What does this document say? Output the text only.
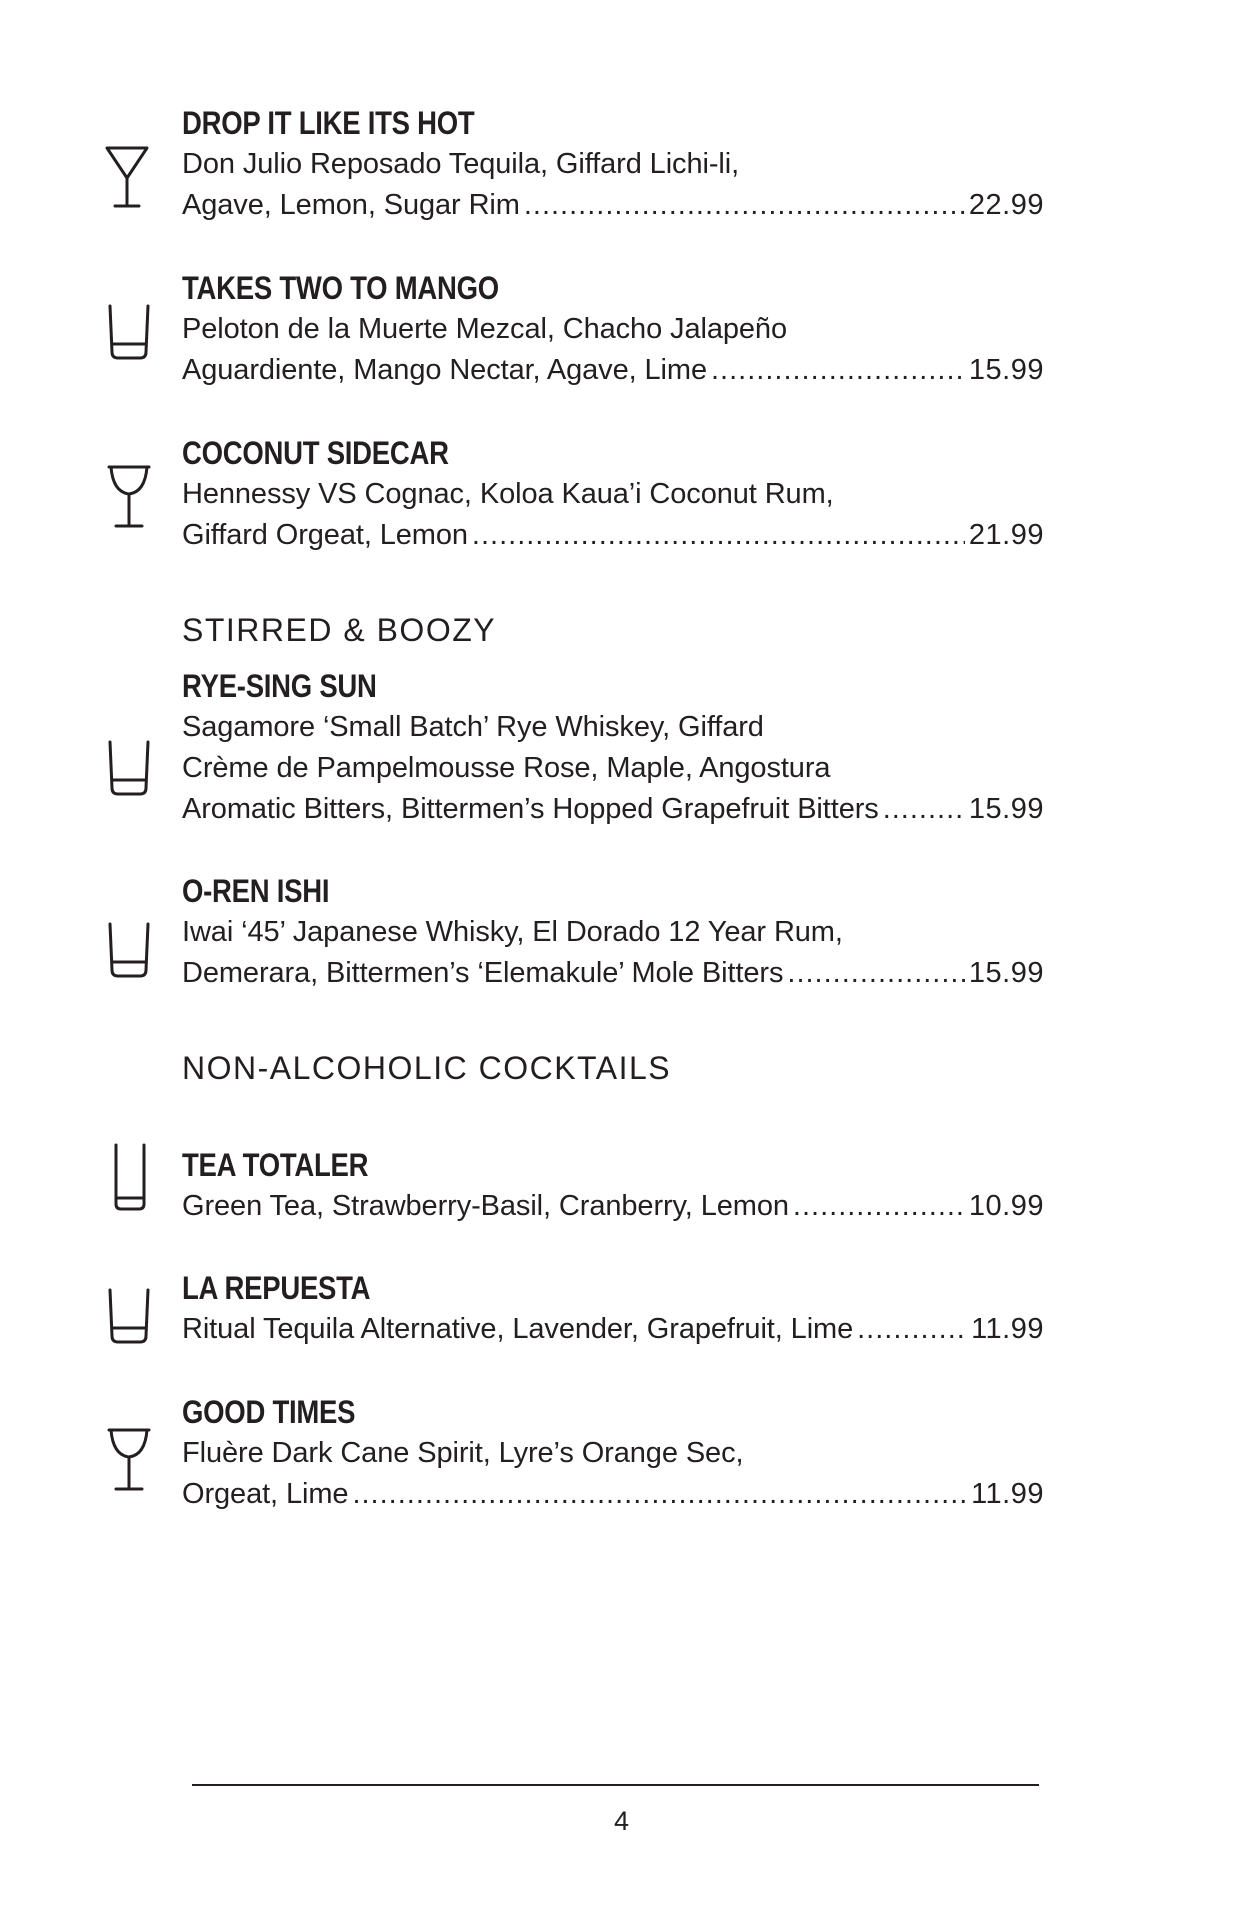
DROP IT LIKE ITS HOT
Don Julio Reposado Tequila, Giffard Lichi-li,
Agave, Lemon, Sugar Rim .....	22.99
TAKES TWO TO MANGO
Peloton de la Muerte Mezcal, Chacho Jalapeño
Aguardiente, Mango Nectar, Agave, Lime .....	15.99
COCONUT SIDECAR
Hennessy VS Cognac, Koloa Kaua’i Coconut Rum,
Giffard Orgeat, Lemon .....	21.99
STIRRED & BOOZY
RYE-SING SUN
Sagamore ‘Small Batch’ Rye Whiskey, Giffard
Crème de Pampelmousse Rose, Maple, Angostura
Aromatic Bitters, Bittermen’s Hopped Grapefruit Bitters .....	15.99
O-REN ISHI
Iwai ‘45’ Japanese Whisky, El Dorado 12 Year Rum,
Demerara, Bittermen’s ‘Elemakule’ Mole Bitters .....	15.99
NON-ALCOHOLIC COCKTAILS
TEA TOTALER
Green Tea, Strawberry-Basil, Cranberry, Lemon .....	10.99
LA REPUESTA
Ritual Tequila Alternative, Lavender, Grapefruit, Lime .....	11.99
GOOD TIMES
Fluère Dark Cane Spirit, Lyre’s Orange Sec,
Orgeat, Lime .....	11.99
4
